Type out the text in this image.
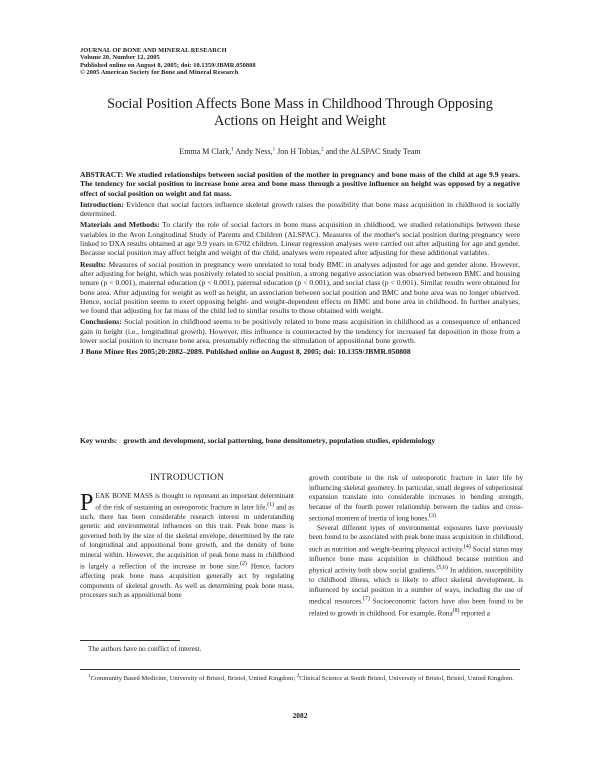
JOURNAL OF BONE AND MINERAL RESEARCH
Volume 20, Number 12, 2005
Published online on August 8, 2005; doi: 10.1359/JBMR.050808
© 2005 American Society for Bone and Mineral Research
Social Position Affects Bone Mass in Childhood Through Opposing
Actions on Height and Weight
Emma M Clark,$^1$ Andy Ness,$^1$ Jon H Tobias,$^2$ and the ALSPAC Study Team

ABSTRACT: We studied relationships between social position of the mother in pregnancy and bone mass of the child at age 9.9 years. The tendency for social position to increase bone area and bone mass through a positive influence on height was opposed by a negative effect of social position on weight and fat mass.

Introduction: Evidence that social factors influence skeletal growth raises the possibility that bone mass acquisition in childhood is socially determined.

Materials and Methods: To clarify the role of social factors in bone mass acquisition in childhood, we studied relationships between these variables in the Avon Longitudinal Study of Parents and Children (ALSPAC). Measures of the mother's social position during pregnancy were linked to DXA results obtained at age 9.9 years in 6702 children. Linear regression analyses were carried out after adjusting for age and gender. Because social position may affect height and weight of the child, analyses were repeated after adjusting for these additional variables.

Results: Measures of social position in pregnancy were unrelated to total body BMC in analyses adjusted for age and gender alone. However, after adjusting for height, which was positively related to social position, a strong negative association was observed between BMC and housing tenure (p < 0.001), maternal education (p < 0.001), paternal education (p < 0.001), and social class (p < 0.001). Similar results were obtained for bone area. After adjusting for weight as well as height, an association between social position and BMC and bone area was no longer observed. Hence, social position seems to exert opposing height- and weight-dependent effects on BMC and bone area in childhood. In further analyses, we found that adjusting for fat mass of the child led to similar results to those obtained with weight.

Conclusions: Social position in childhood seems to be positively related to bone mass acquisition in childhood as a consequence of enhanced gain in height (i.e., longitudinal growth). However, this influence is counteracted by the tendency for increased fat deposition in those from a lower social position to increase bone area, presumably reflecting the stimulation of appositional bone growth.

J Bone Miner Res 2005;20:2082–2089. Published online on August 8, 2005; doi: 10.1359/JBMR.050808

Key words: growth and development, social patterning, bone densitometry, population studies, epidemiology
INTRODUCTION

PEAK BONE MASS is thought to represent an important determinant of the risk of sustaining an osteoporotic fracture in later life,$^{(1)}$ and as such, there has been considerable research interest in understanding genetic and environmental influences on this trait. Peak bone mass is governed both by the size of the skeletal envelope, determined by the rate of longitudinal and appositional bone growth, and the density of bone mineral within. However, the acquisition of peak bone mass in childhood is largely a reflection of the increase in bone size.$^{(2)}$ Hence, factors affecting peak bone mass acquisition generally act by regulating components of skeletal growth. As well as determining peak bone mass, processes such as appositional bone

growth contribute to the risk of osteoporotic fracture in later life by influencing skeletal geometry. In particular, small degrees of subperiosteal expansion translate into considerable increases in bending strength, because of the fourth power relationship between the radius and cross-sectional moment of inertia of long bones.$^{(3)}$

Several different types of environmental exposures have previously been found to be associated with peak bone mass acquisition in childhood, such as nutrition and weight-bearing physical activity.$^{(4)}$ Social status may influence bone mass acquisition in childhood because nutrition and physical activity both show social gradients.$^{(5,6)}$ In addition, susceptibility to childhood illness, which is likely to affect skeletal development, is influenced by social position in a number of ways, including the use of medical resources.$^{(7)}$ Socioeconomic factors have also been found to be related to growth in childhood. For example, Rona$^{(8)}$ reported a

The authors have no conflict of interest.
$^1$Community Based Medicine, University of Bristol, Bristol, United Kingdom; $^2$Clinical Science at South Bristol, University of Bristol, Bristol, United Kingdom.
2082
